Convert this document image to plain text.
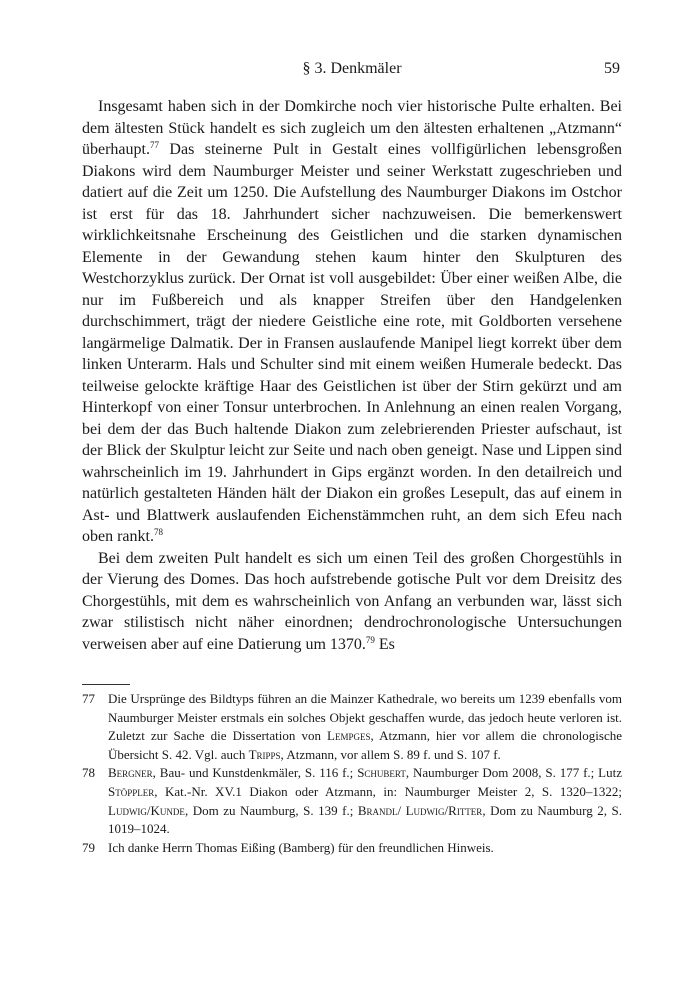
§ 3. Denkmäler	59

Insgesamt haben sich in der Domkirche noch vier historische Pulte erhalten. Bei dem ältesten Stück handelt es sich zugleich um den ältesten erhaltenen „Atzmann“ überhaupt.$^{77}$ Das steinerne Pult in Gestalt eines vollfigürlichen lebensgroßen Diakons wird dem Naumburger Meister und seiner Werkstatt zugeschrieben und datiert auf die Zeit um 1250. Die Aufstellung des Naumburger Diakons im Ostchor ist erst für das 18. Jahrhundert sicher nachzuweisen. Die bemerkenswert wirklichkeitsnahe Erscheinung des Geistlichen und die starken dynamischen Elemente in der Gewandung stehen kaum hinter den Skulpturen des Westchorzyklus zurück. Der Ornat ist voll ausgebildet: Über einer weißen Albe, die nur im Fußbereich und als knapper Streifen über den Handgelenken durchschimmert, trägt der niedere Geistliche eine rote, mit Goldborten versehene langärmelige Dalmatik. Der in Fransen auslaufende Manipel liegt korrekt über dem linken Unterarm. Hals und Schulter sind mit einem weißen Humerale bedeckt. Das teilweise gelockte kräftige Haar des Geistlichen ist über der Stirn gekürzt und am Hinterkopf von einer Tonsur unterbrochen. In Anlehnung an einen realen Vorgang, bei dem der das Buch haltende Diakon zum zelebrierenden Priester aufschaut, ist der Blick der Skulptur leicht zur Seite und nach oben geneigt. Nase und Lippen sind wahrscheinlich im 19. Jahrhundert in Gips ergänzt worden. In den detailreich und natürlich gestalteten Händen hält der Diakon ein großes Lesepult, das auf einem in Ast- und Blattwerk auslaufenden Eichenstämmchen ruht, an dem sich Efeu nach oben rankt.$^{78}$

Bei dem zweiten Pult handelt es sich um einen Teil des großen Chorgestühls in der Vierung des Domes. Das hoch aufstrebende gotische Pult vor dem Dreisitz des Chorgestühls, mit dem es wahrscheinlich von Anfang an verbunden war, lässt sich zwar stilistisch nicht näher einordnen; dendrochronologische Untersuchungen verweisen aber auf eine Datierung um 1370.79 Es

77 Die Ursprünge des Bildtyps führen an die Mainzer Kathedrale, wo bereits um 1239 ebenfalls vom Naumburger Meister erstmals ein solches Objekt geschaffen wurde, das jedoch heute verloren ist. Zuletzt zur Sache die Dissertation von Lempges, Atzmann, hier vor allem die chronologische Übersicht S. 42. Vgl. auch Tripps, Atzmann, vor allem S. 89 f. und S. 107 f.

78 Bergner, Bau- und Kunstdenkmäler, S. 116 f.; Schubert, Naumburger Dom 2008, S. 177 f.; Lutz Stöppler, Kat.-Nr. XV.1 Diakon oder Atzmann, in: Naumburger Meister 2, S. 1320–1322; Ludwig/Kunde, Dom zu Naumburg, S. 139 f.; Brandl/ Ludwig/Ritter, Dom zu Naumburg 2, S. 1019–1024.

79 Ich danke Herrn Thomas Eißing (Bamberg) für den freundlichen Hinweis.
